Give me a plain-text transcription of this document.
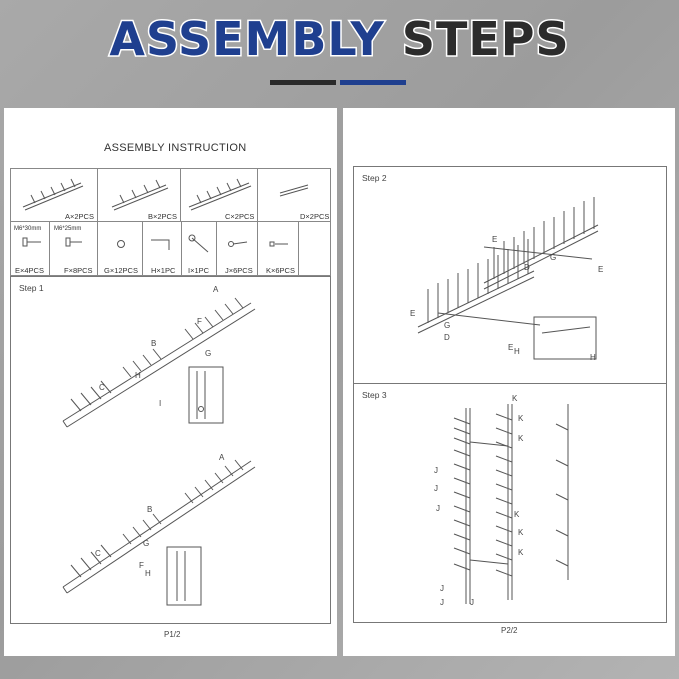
ASSEMBLY STEPS
ASSEMBLY INSTRUCTION
A×2PCS	B×2PCS	C×2PCS	D×2PCS
M6*30mm
E×4PCS
M6*25mm
F×8PCS G×12PCS H×1PC I×1PC J×6PCS K×6PCS
Step 1	A
B
C
F
G
H
I
A
B
C
F
G
H
P1/2
Step 2
E
E
E
E
G
G
D
D
H
H
Step 3	K
K
K
K
K
K
J
J
J
J
J	J
P2/2
